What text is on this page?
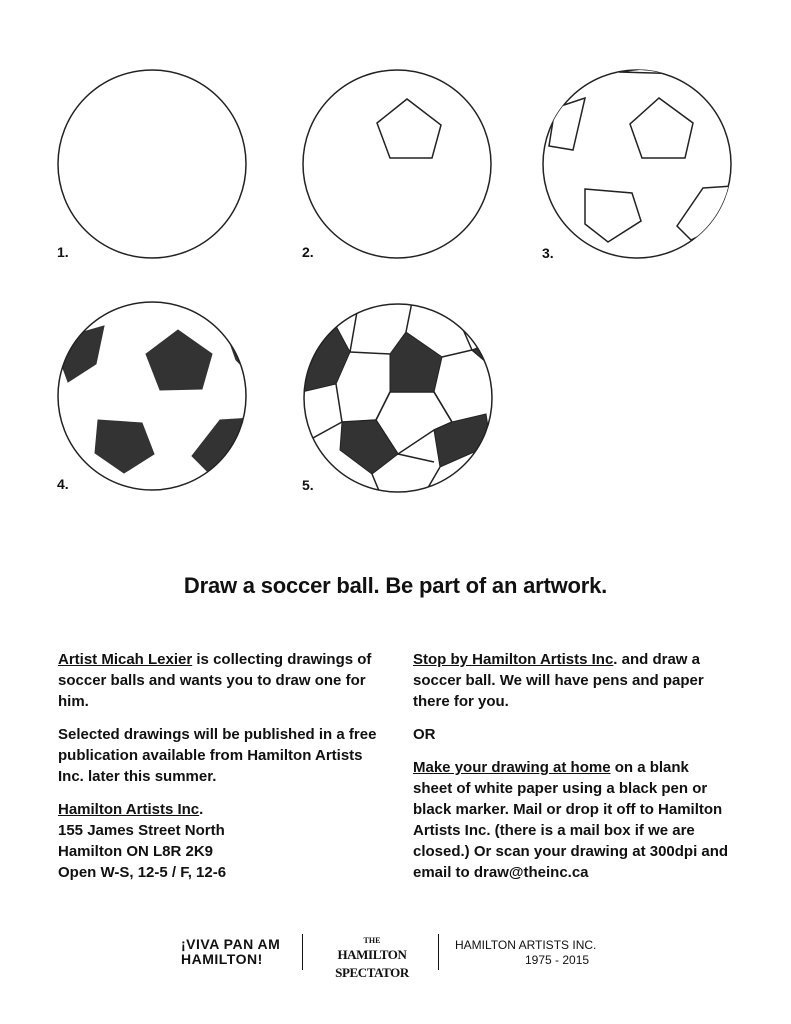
1.	2.	3.
4.	5.
Draw a soccer ball. Be part of an artwork.

Artist Micah Lexier is collecting drawings of soccer balls and wants you to draw one for him.

Selected drawings will be published in a free publication available from Hamilton Artists Inc. later this summer.

Hamilton Artists Inc.
155 James Street North
Hamilton ON L8R 2K9
Open W-S, 12-5 / F, 12-6

Stop by Hamilton Artists Inc. and draw a soccer ball. We will have pens and paper there for you.

OR

Make your drawing at home on a blank sheet of white paper using a black pen or black marker. Mail or drop it off to Hamilton Artists Inc. (there is a mail box if we are closed.) Or scan your drawing at 300dpi and email to draw@theinc.ca

¡VIVA PAN AM
HAMILTON!
THE
HAMILTON SPECTATOR
HAMILTON ARTISTS INC.
1975 - 2015
